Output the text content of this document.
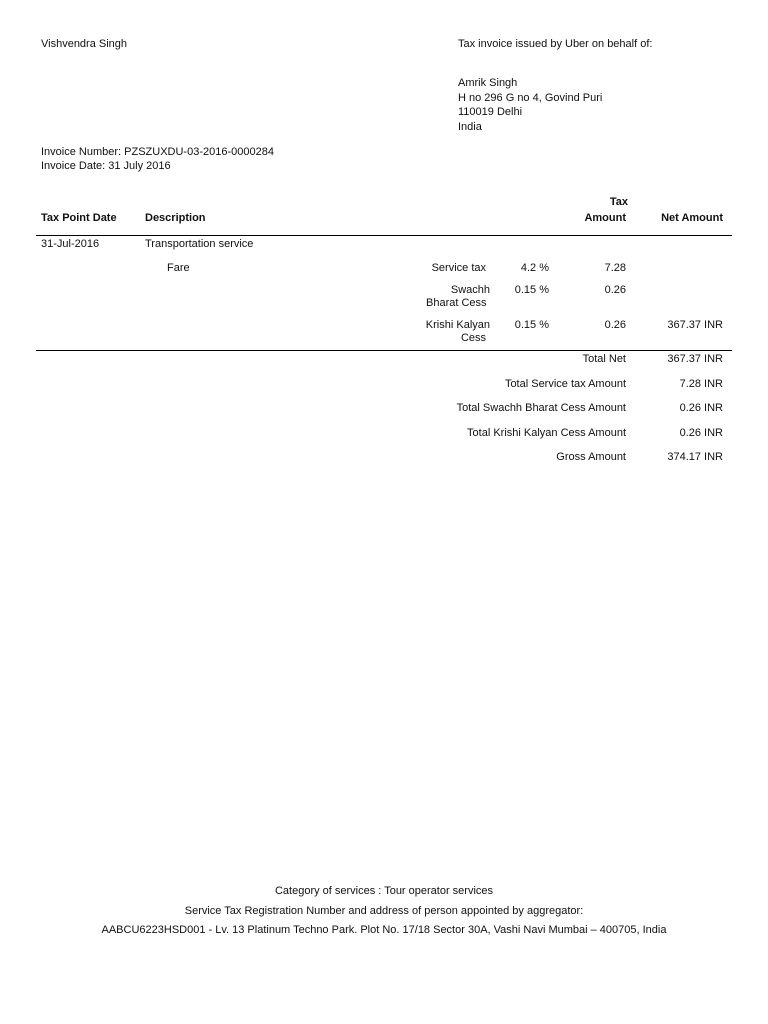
Vishvendra Singh	Tax invoice issued by Uber on behalf of:
Amrik Singh
H no 296 G no 4, Govind Puri
110019 Delhi
India
Invoice Number: PZSZUXDU-03-2016-0000284
Invoice Date: 31 July 2016
Tax Point Date	Description
Tax
Amount	Net Amount
31-Jul-2016	Transportation service
Fare	Service tax	4.2 %	7.28
Swachh
Bharat Cess
0.15 %	0.26
Krishi Kalyan
Cess
0.15 %	0.26	367.37 INR
Total Net	367.37 INR
Total Service tax Amount	7.28 INR
Total Swachh Bharat Cess Amount	0.26 INR
Total Krishi Kalyan Cess Amount	0.26 INR
Gross Amount	374.17 INR
Category of services : Tour operator services
Service Tax Registration Number and address of person appointed by aggregator:
AABCU6223HSD001 - Lv. 13 Platinum Techno Park. Plot No. 17/18 Sector 30A, Vashi Navi Mumbai – 400705, India
